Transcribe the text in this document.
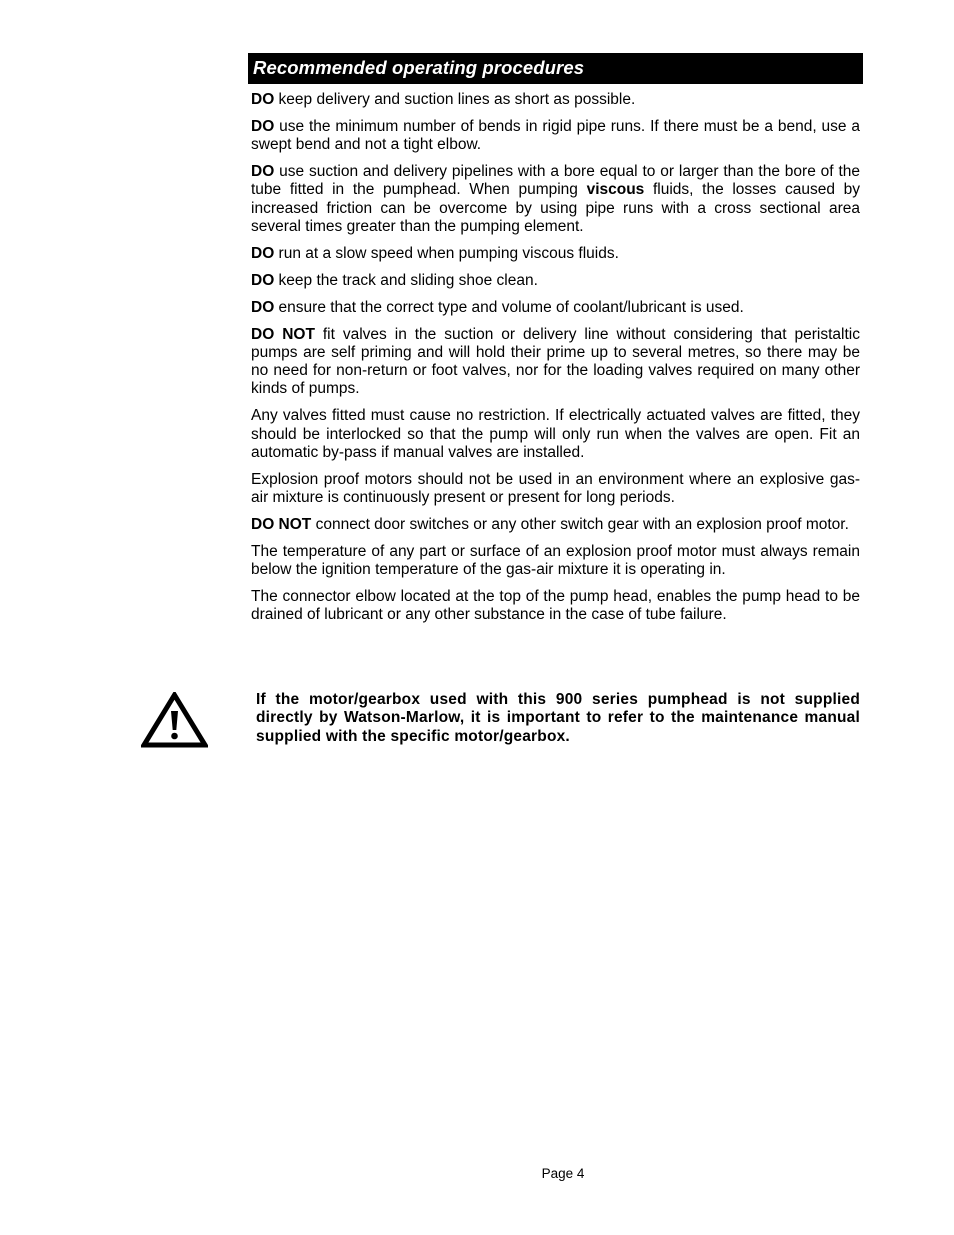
Recommended operating procedures

DO keep delivery and suction lines as short as possible.

DO use the minimum number of bends in rigid pipe runs. If there must be a bend, use a swept bend and not a tight elbow.

DO use suction and delivery pipelines with a bore equal to or larger than the bore of the tube fitted in the pumphead. When pumping viscous fluids, the losses caused by increased friction can be overcome by using pipe runs with a cross sectional area several times greater than the pumping element.

DO run at a slow speed when pumping viscous fluids.

DO keep the track and sliding shoe clean.

DO ensure that the correct type and volume of coolant/lubricant is used.

DO NOT fit valves in the suction or delivery line without considering that peristaltic pumps are self priming and will hold their prime up to several metres, so there may be no need for non-return or foot valves, nor for the loading valves required on many other kinds of pumps.

Any valves fitted must cause no restriction. If electrically actuated valves are fitted, they should be interlocked so that the pump will only run when the valves are open. Fit an automatic by-pass if manual valves are installed.

Explosion proof motors should not be used in an environment where an explosive gas-air mixture is continuously present or present for long periods.

DO NOT connect door switches or any other switch gear with an explosion proof motor.

The temperature of any part or surface of an explosion proof motor must always remain below the ignition temperature of the gas-air mixture it is operating in.

The connector elbow located at the top of the pump head, enables the pump head to be drained of lubricant or any other substance in the case of tube failure.

If the motor/gearbox used with this 900 series pumphead is not supplied directly by Watson-Marlow, it is important to refer to the maintenance manual supplied with the specific motor/gearbox.
Page 4
